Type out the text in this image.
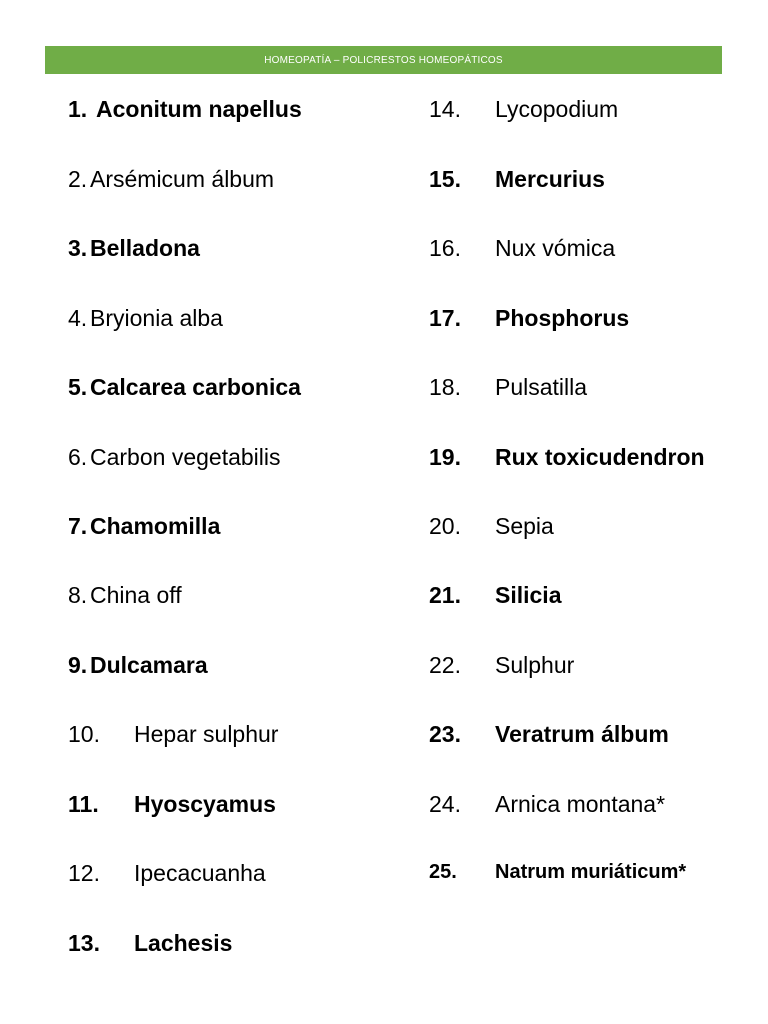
HOMEOPATÍA – POLICRESTOS HOMEOPÁTICOS
1. Aconitum napellus
2. Arsémicum álbum
3. Belladona
4. Bryionia alba
5. Calcarea carbonica
6. Carbon vegetabilis
7. Chamomilla
8. China off
9. Dulcamara
10. Hepar sulphur
11. Hyoscyamus
12. Ipecacuanha
13. Lachesis
14. Lycopodium
15. Mercurius
16. Nux vómica
17. Phosphorus
18. Pulsatilla
19. Rux toxicudendron
20. Sepia
21. Silicia
22. Sulphur
23. Veratrum álbum
24. Arnica montana*
25. Natrum muriáticum*
